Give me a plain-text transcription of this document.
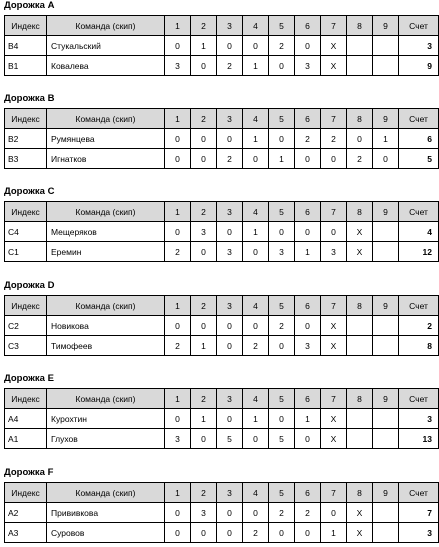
Дорожка A
Индекс	Команда (скип)	1	2	3	4	5	6	7	8	9	Счет
B4	Стукальский	0	1	0	0	2	0	X			3
B1	Ковалева	3	0	2	1	0	3	X			9
Дорожка B
Индекс	Команда (скип)	1	2	3	4	5	6	7	8	9	Счет
B2	Румянцева	0	0	0	1	0	2	2	0	1	6
B3	Игнатков	0	0	2	0	1	0	0	2	0	5
Дорожка C
Индекс	Команда (скип)	1	2	3	4	5	6	7	8	9	Счет
C4	Мещеряков	0	3	0	1	0	0	0	X		4
C1	Еремин	2	0	3	0	3	1	3	X		12
Дорожка D
Индекс	Команда (скип)	1	2	3	4	5	6	7	8	9	Счет
C2	Новикова	0	0	0	0	2	0	X			2
C3	Тимофеев	2	1	0	2	0	3	X			8
Дорожка E
Индекс	Команда (скип)	1	2	3	4	5	6	7	8	9	Счет
A4	Курохтин	0	1	0	1	0	1	X			3
A1	Глухов	3	0	5	0	5	0	X			13
Дорожка F
Индекс	Команда (скип)	1	2	3	4	5	6	7	8	9	Счет
A2	Прививкова	0	3	0	0	2	2	0	X		7
A3	Суровов	0	0	0	2	0	0	1	X		3
